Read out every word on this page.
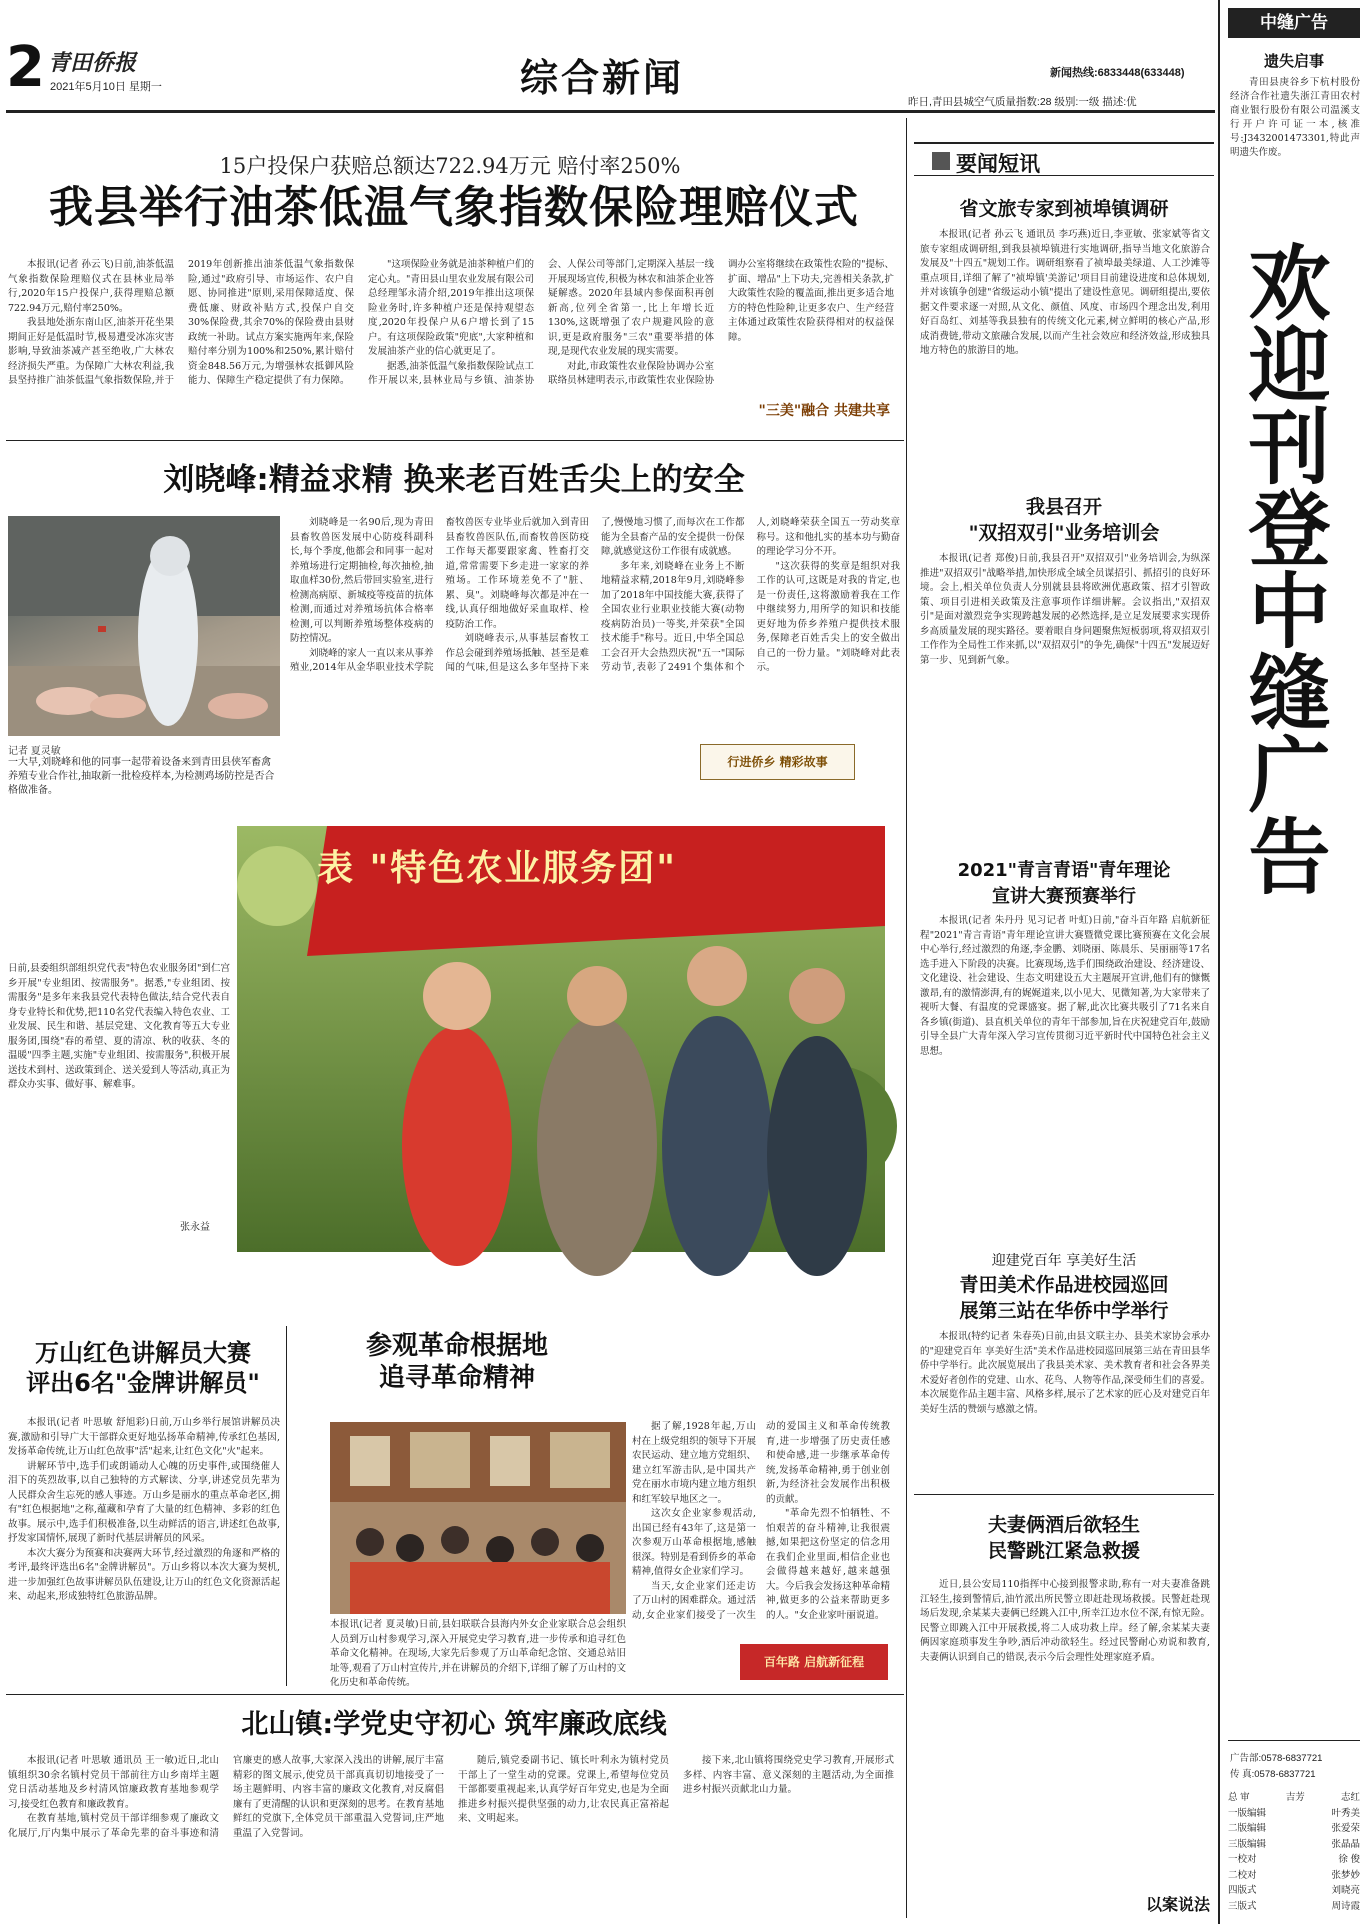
2 青田侨报
2021年5月10日 星期一	综合新闻	新闻热线:6833448(633448)
昨日,青田县城空气质量指数:28 级别:一级 描述:优
15户投保户获赔总额达722.94万元 赔付率250%
我县举行油茶低温气象指数保险理赔仪式

本报讯(记者 孙云飞)日前,油茶低温气象指数保险理赔仪式在县林业局举行,2020年15户投保户,获得理赔总额722.94万元,赔付率250%。

我县地处浙东南山区,油茶开花坐果期间正好是低温时节,极易遭受冰冻灾害影响,导致油茶减产甚至绝收,广大林农经济损失严重。为保障广大林农利益,我县坚持推广油茶低温气象指数保险,并于2019年创新推出油茶低温气象指数保险,通过"政府引导、市场运作、农户自愿、协同推进"原则,采用保障适度、保费低廉、财政补贴方式,投保户自交30%保险费,其余70%的保险费由县财政统一补助。试点方案实施两年来,保险赔付率分别为100%和250%,累计赔付资金848.56万元,为增强林农抵御风险能力、保障生产稳定提供了有力保障。

"这项保险业务就是油茶种植户们的定心丸。"青田县山里农业发展有限公司总经理邹永清介绍,2019年推出这项保险业务时,许多种植户还是保持观望态度,2020年投保户从6户增长到了15户。有这项保险政策"兜底",大家种植和发展油茶产业的信心就更足了。

据悉,油茶低温气象指数保险试点工作开展以来,县林业局与乡镇、油茶协会、人保公司等部门,定期深入基层一线开展现场宣传,积极为林农和油茶企业答疑解惑。2020年县域内参保面积再创新高,位列全省第一,比上年增长近130%,这既增强了农户规避风险的意识,更是政府服务"三农"重要举措的体现,是现代农业发展的现实需要。

对此,市政策性农业保险协调办公室联络员林建明表示,市政策性农业保险协调办公室将继续在政策性农险的"提标、扩面、增品"上下功夫,完善相关条款,扩大政策性农险的覆盖面,推出更多适合地方的特色性险种,让更多农户、生产经营主体通过政策性农险获得相对的权益保障。

"三美"融合 共建共享
刘晓峰:精益求精 换来老百姓舌尖上的安全
记者 夏灵敏
一大早,刘晓峰和他的同事一起带着设备来到青田县侠军畜禽养殖专业合作社,抽取新一批检疫样本,为检测鸡场防控是否合格做准备。

刘晓峰是一名90后,现为青田县畜牧兽医发展中心防疫科副科长,每个季度,他都会和同事一起对养殖场进行定期抽检,每次抽检,抽取血样30份,然后带回实验室,进行检测高病原、新城疫等疫苗的抗体检测,而通过对养殖场抗体合格率检测,可以判断养殖场整体疫病的防控情况。

刘晓峰的家人一直以来从事养殖业,2014年从金华职业技术学院畜牧兽医专业毕业后就加入到青田县畜牧兽医队伍,而畜牧兽医防疫工作每天都要跟家禽、牲畜打交道,常常需要下乡走进一家家的养殖场。工作环境差免不了"脏、累、臭"。刘晓峰每次都是冲在一线,认真仔细地做好采血取样、检疫防治工作。

刘晓峰表示,从事基层畜牧工作总会碰到养殖场抵触、甚至是难闻的气味,但是这么多年坚持下来了,慢慢地习惯了,而每次在工作都能为全县畜产品的安全提供一份保障,就感觉这份工作很有成就感。

多年来,刘晓峰在业务上不断地精益求精,2018年9月,刘晓峰参加了2018年中国技能大赛,获得了全国农业行业职业技能大赛(动物疫病防治员)一等奖,并荣获"全国技术能手"称号。近日,中华全国总工会召开大会热烈庆祝"五一"国际劳动节,表彰了2491个集体和个人,刘晓峰荣获全国五一劳动奖章称号。这和他扎实的基本功与勤奋的理论学习分不开。

"这次获得的奖章是组织对我工作的认可,这既是对我的肯定,也是一份责任,这将激励着我在工作中继续努力,用所学的知识和技能更好地为侨乡养殖户提供技术服务,保障老百姓舌尖上的安全做出自己的一份力量。"刘晓峰对此表示。

行进侨乡 精彩故事
日前,县委组织部组织党代表"特色农业服务团"到仁宫乡开展"专业组团、按需服务"。据悉,"专业组团、按需服务"是多年来我县党代表特色做法,结合党代表自身专业特长和优势,把110名党代表编入特色农业、工业发展、民生和谐、基层党建、文化教育等五大专业服务团,围绕"春的希望、夏的清凉、秋的收获、冬的温暖"四季主题,实施"专业组团、按需服务",积极开展送技术到村、送政策到企、送关爱到人等活动,真正为群众办实事、做好事、解难事。
张永益
表 "特色农业服务团"
万山红色讲解员大赛
评出6名"金牌讲解员"

本报讯(记者 叶思敏 舒旭彩)日前,万山乡举行展馆讲解员决赛,激励和引导广大干部群众更好地弘扬革命精神,传承红色基因,发扬革命传统,让万山红色故事"活"起来,让红色文化"火"起来。

讲解环节中,选手们或朗诵动人心魄的历史事件,或围绕催人泪下的英烈故事,以自己独特的方式解读、分享,讲述党员先辈为人民群众舍生忘死的感人事迹。万山乡是丽水的重点革命老区,拥有"红色根据地"之称,蕴藏和孕育了大量的红色精神、多彩的红色故事。展示中,选手们积极准备,以生动鲜活的语言,讲述红色故事,抒发家国情怀,展现了新时代基层讲解员的风采。

本次大赛分为预赛和决赛两大环节,经过激烈的角逐和严格的考评,最终评选出6名"金牌讲解员"。万山乡将以本次大赛为契机,进一步加强红色故事讲解员队伍建设,让万山的红色文化资源活起来、动起来,形成独特红色旅游品牌。

参观革命根据地
追寻革命精神

据了解,1928年起,万山村在上级党组织的领导下开展农民运动、建立地方党组织、建立红军游击队,是中国共产党在丽水市境内建立地方组织和红军较早地区之一。

这次女企业家参观活动,出国已经有43年了,这是第一次参观万山革命根据地,感触很深。特别是看到侨乡的革命精神,值得女企业家们学习。

当天,女企业家们还走访了万山村的困难群众。通过活动,女企业家们接受了一次生动的爱国主义和革命传统教育,进一步增强了历史责任感和使命感,进一步继承革命传统,发扬革命精神,勇于创业创新,为经济社会发展作出积极的贡献。

"革命先烈不怕牺牲、不怕艰苦的奋斗精神,让我很震撼,如果把这份坚定的信念用在我们企业里面,相信企业也会做得越来越好,越来越强大。今后我会发扬这种革命精神,做更多的公益来帮助更多的人。"女企业家叶丽说道。

本报讯(记者 夏灵敏)日前,县妇联联合县海内外女企业家联合总会组织人员到万山村参观学习,深入开展党史学习教育,进一步传承和追寻红色革命文化精神。在现场,大家先后参观了万山革命纪念馆、交通总站旧址等,观看了万山村宣传片,并在讲解员的介绍下,详细了解了万山村的文化历史和革命传统。
百年路 启航新征程
北山镇:学党史守初心 筑牢廉政底线

本报讯(记者 叶思敏 通讯员 王一敏)近日,北山镇组织30余名镇村党员干部前往方山乡南垟主题党日活动基地及乡村清风馆廉政教育基地参观学习,接受红色教育和廉政教育。

在教育基地,镇村党员干部详细参观了廉政文化展厅,厅内集中展示了革命先辈的奋斗事迹和清官廉吏的感人故事,大家深入浅出的讲解,展厅丰富精彩的图文展示,使党员干部真真切切地接受了一场主题鲜明、内容丰富的廉政文化教育,对反腐倡廉有了更清醒的认识和更深刻的思考。在教育基地鲜红的党旗下,全体党员干部重温入党誓词,庄严地重温了入党誓词。

随后,镇党委副书记、镇长叶利永为镇村党员干部上了一堂生动的党课。党课上,希望每位党员干部都要重视起来,认真学好百年党史,也是为全面推进乡村振兴提供坚强的动力,让农民真正富裕起来、文明起来。

接下来,北山镇将围绕党史学习教育,开展形式多样、内容丰富、意义深刻的主题活动,为全面推进乡村振兴贡献北山力量。

要闻短讯
省文旅专家到祯埠镇调研
本报讯(记者 孙云飞 通讯员 李巧燕)近日,李亚敏、张家斌等省文旅专家组成调研组,到我县祯埠镇进行实地调研,指导当地文化旅游合发展及"十四五"规划工作。调研组察看了祯埠最美绿道、人工沙滩等重点项目,详细了解了"祯埠镇'美游记'项目目前建设进度和总体规划,并对该镇争创建"省级运动小镇"提出了建设性意见。调研组提出,要依据文件要求逐一对照,从文化、颜值、风度、市场四个理念出发,利用好百岛红、刘基等我县独有的传统文化元素,树立鲜明的核心产品,形成消费链,带动文旅融合发展,以而产生社会效应和经济效益,形成独具地方特色的旅游目的地。
我县召开
"双招双引"业务培训会
本报讯(记者 郑俊)日前,我县召开"双招双引"业务培训会,为纵深推进"双招双引"战略举措,加快形成全域全员谋招引、抓招引的良好环境。会上,相关单位负责人分别就县县将欧洲优惠政策、招才引智政策、项目引进相关政策及注意事项作详细讲解。会议指出,"双招双引"是面对激烈竞争实现跨越发展的必然选择,是立足发展要求实现侨乡高质量发展的现实路径。要着眼自身问题聚焦短板弱项,将双招双引工作作为全局性工作来抓,以"双招双引"的争先,确保"十四五"发展迈好第一步、见到新气象。
2021"青言青语"青年理论
宣讲大赛预赛举行
本报讯(记者 朱丹丹 见习记者 叶虹)日前,"奋斗百年路 启航新征程"2021"青言青语"青年理论宣讲大赛暨微党课比赛预赛在文化会展中心举行,经过激烈的角逐,李金鹏、刘晓丽、陈晨乐、吴丽丽等17名选手进入下阶段的决赛。比赛现场,选手们围绕政治建设、经济建设、文化建设、社会建设、生态文明建设五大主题展开宣讲,他们有的慷慨激昂,有的激情澎湃,有的娓娓道来,以小见大、见微知著,为大家带来了视听大餐、有温度的党课盛宴。据了解,此次比赛共吸引了71名来自各乡镇(街道)、县直机关单位的青年干部参加,旨在庆祝建党百年,鼓励引导全县广大青年深入学习宣传贯彻习近平新时代中国特色社会主义思想。
迎建党百年 享美好生活
青田美术作品进校园巡回
展第三站在华侨中学举行
本报讯(特约记者 朱春英)日前,由县文联主办、县美术家协会承办的"迎建党百年 享美好生活"美术作品进校园巡回展第三站在青田县华侨中学举行。此次展览展出了我县美术家、美术教育者和社会各界美术爱好者创作的党建、山水、花鸟、人物等作品,深受师生们的喜爱。本次展览作品主题丰富、风格多样,展示了艺术家的匠心及对建党百年美好生活的赞颂与感激之情。
夫妻俩酒后欲轻生
民警跳江紧急救援
近日,县公安局110指挥中心接到报警求助,称有一对夫妻准备跳江轻生,接到警情后,油竹派出所民警立即赶赴现场救援。民警赶赴现场后发现,余某某夫妻俩已经跳入江中,所幸江边水位不深,有惊无险。民警立即跳入江中开展救援,将二人成功救上岸。经了解,余某某夫妻俩因家庭琐事发生争吵,酒后冲动欲轻生。经过民警耐心劝说和教育,夫妻俩认识到自己的错误,表示今后会理性处理家庭矛盾。
以案说法
中缝广告
遗失启事
青田县庚谷乡下杭村股份经济合作社遗失浙江青田农村商业银行股份有限公司温溪支行开户许可证一本,核准号:J3432001473301,特此声明遗失作废。
欢迎刊登中缝广告
广告部:0578-6837721
传 真:0578-6837721
总 审	吉芳	志红
一版编辑	叶秀美
二版编辑	张爱荣
三版编辑	张晶晶
一校对	徐 俊
二校对	张梦妙
四版式	刘晓亮
三版式	周诗霞
